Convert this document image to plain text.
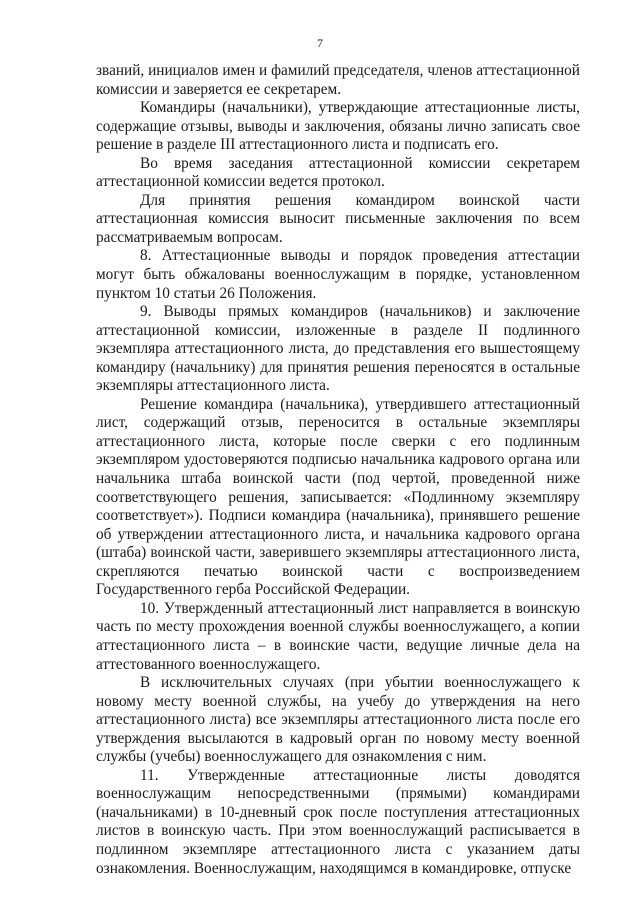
7

званий, инициалов имен и фамилий председателя, членов аттестационной комиссии и заверяется ее секретарем.

Командиры (начальники), утверждающие аттестационные листы, содержащие отзывы, выводы и заключения, обязаны лично записать свое решение в разделе III аттестационного листа и подписать его.

Во время заседания аттестационной комиссии секретарем аттестационной комиссии ведется протокол.

Для принятия решения командиром воинской части аттестационная комиссия выносит письменные заключения по всем рассматриваемым вопросам.

8. Аттестационные выводы и порядок проведения аттестации могут быть обжалованы военнослужащим в порядке, установленном пунктом 10 статьи 26 Положения.

9. Выводы прямых командиров (начальников) и заключение аттестационной комиссии, изложенные в разделе II подлинного экземпляра аттестационного листа, до представления его вышестоящему командиру (начальнику) для принятия решения переносятся в остальные экземпляры аттестационного листа.

Решение командира (начальника), утвердившего аттестационный лист, содержащий отзыв, переносится в остальные экземпляры аттестационного листа, которые после сверки с его подлинным экземпляром удостоверяются подписью начальника кадрового органа или начальника штаба воинской части (под чертой, проведенной ниже соответствующего решения, записывается: «Подлинному экземпляру соответствует»). Подписи командира (начальника), принявшего решение об утверждении аттестационного листа, и начальника кадрового органа (штаба) воинской части, заверившего экземпляры аттестационного листа, скрепляются печатью воинской части с воспроизведением Государственного герба Российской Федерации.

10. Утвержденный аттестационный лист направляется в воинскую часть по месту прохождения военной службы военнослужащего, а копии аттестационного листа – в воинские части, ведущие личные дела на аттестованного военнослужащего.

В исключительных случаях (при убытии военнослужащего к новому месту военной службы, на учебу до утверждения на него аттестационного листа) все экземпляры аттестационного листа после его утверждения высылаются в кадровый орган по новому месту военной службы (учебы) военнослужащего для ознакомления с ним.

11. Утвержденные аттестационные листы доводятся военнослужащим непосредственными (прямыми) командирами (начальниками) в 10-дневный срок после поступления аттестационных листов в воинскую часть. При этом военнослужащий расписывается в подлинном экземпляре аттестационного листа с указанием даты ознакомления. Военнослужащим, находящимся в командировке, отпуске
